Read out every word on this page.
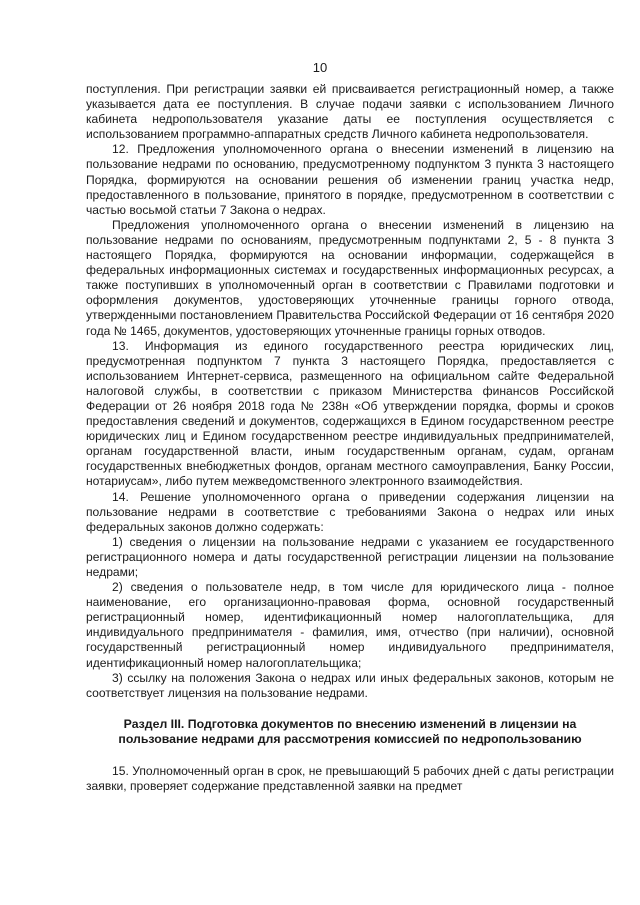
10

поступления. При регистрации заявки ей присваивается регистрационный номер, а также указывается дата ее поступления. В случае подачи заявки с использованием Личного кабинета недропользователя указание даты ее поступления осуществляется с использованием программно-аппаратных средств Личного кабинета недропользователя.

12. Предложения уполномоченного органа о внесении изменений в лицензию на пользование недрами по основанию, предусмотренному подпунктом 3 пункта 3 настоящего Порядка, формируются на основании решения об изменении границ участка недр, предоставленного в пользование, принятого в порядке, предусмотренном в соответствии с частью восьмой статьи 7 Закона о недрах.

Предложения уполномоченного органа о внесении изменений в лицензию на пользование недрами по основаниям, предусмотренным подпунктами 2, 5 - 8 пункта 3 настоящего Порядка, формируются на основании информации, содержащейся в федеральных информационных системах и государственных информационных ресурсах, а также поступивших в уполномоченный орган в соответствии с Правилами подготовки и оформления документов, удостоверяющих уточненные границы горного отвода, утвержденными постановлением Правительства Российской Федерации от 16 сентября 2020 года № 1465, документов, удостоверяющих уточненные границы горных отводов.

13. Информация из единого государственного реестра юридических лиц, предусмотренная подпунктом 7 пункта 3 настоящего Порядка, предоставляется с использованием Интернет-сервиса, размещенного на официальном сайте Федеральной налоговой службы, в соответствии с приказом Министерства финансов Российской Федерации от 26 ноября 2018 года № 238н «Об утверждении порядка, формы и сроков предоставления сведений и документов, содержащихся в Едином государственном реестре юридических лиц и Едином государственном реестре индивидуальных предпринимателей, органам государственной власти, иным государственным органам, судам, органам государственных внебюджетных фондов, органам местного самоуправления, Банку России, нотариусам», либо путем межведомственного электронного взаимодействия.

14. Решение уполномоченного органа о приведении содержания лицензии на пользование недрами в соответствие с требованиями Закона о недрах или иных федеральных законов должно содержать:

1) сведения о лицензии на пользование недрами с указанием ее государственного регистрационного номера и даты государственной регистрации лицензии на пользование недрами;

2) сведения о пользователе недр, в том числе для юридического лица - полное наименование, его организационно-правовая форма, основной государственный регистрационный номер, идентификационный номер налогоплательщика, для индивидуального предпринимателя - фамилия, имя, отчество (при наличии), основной государственный регистрационный номер индивидуального предпринимателя, идентификационный номер налогоплательщика;

3) ссылку на положения Закона о недрах или иных федеральных законов, которым не соответствует лицензия на пользование недрами.

Раздел III. Подготовка документов по внесению изменений в лицензии на пользование недрами для рассмотрения комиссией по недропользованию

15. Уполномоченный орган в срок, не превышающий 5 рабочих дней с даты регистрации заявки, проверяет содержание представленной заявки на предмет
